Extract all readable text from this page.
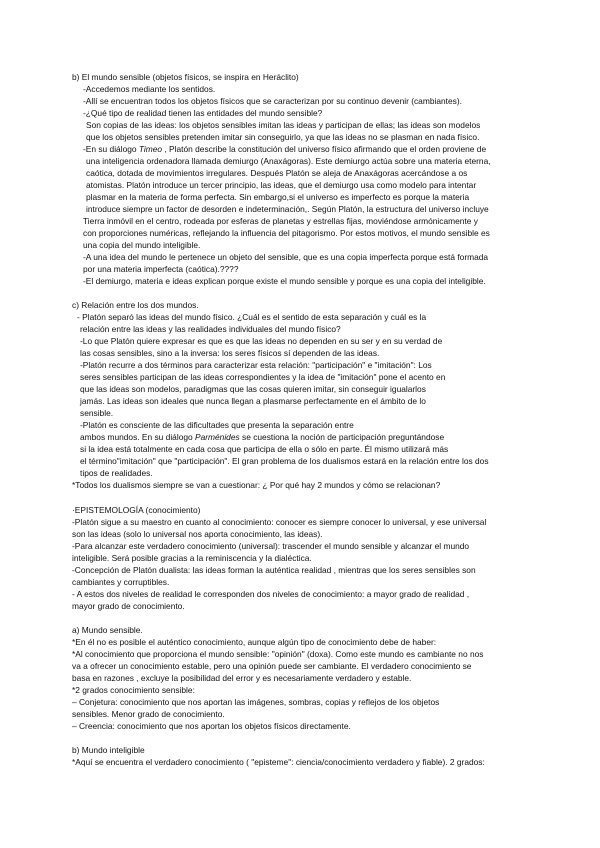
b) El mundo sensible (objetos físicos, se inspira en Heráclito)
-Accedemos mediante los sentidos.
-Allí se encuentran todos los objetos físicos que se caracterizan por su continuo devenir (cambiantes).
-¿Qué tipo de realidad tienen las entidades del mundo sensible?
Son copias de las ideas: los objetos sensibles imitan las ideas y participan de ellas; las ideas son modelos
que los objetos sensibles pretenden imitar sin conseguirlo, ya que las ideas no se plasman en nada físico.
-En su diálogo Timeo , Platón describe la constitución del universo físico afirmando que el orden proviene de
una inteligencia ordenadora llamada demiurgo (Anaxágoras). Este demiurgo actúa sobre una materia eterna,
caótica, dotada de movimientos irregulares. Después Platón se aleja de Anaxágoras acercándose a os
atomistas. Platón introduce un tercer principio, las ideas, que el demiurgo usa como modelo para intentar
plasmar en la materia de forma perfecta. Sin embargo,si el universo es imperfecto es porque la materia
introduce siempre un factor de desorden e indeterminación,. Según Platón, la estructura del universo incluye
Tierra inmóvil en el centro, rodeada por esferas de planetas y estrellas fijas, moviéndose armónicamente y
con proporciones numéricas, reflejando la influencia del pitagorismo. Por estos motivos, el mundo sensible es
una copia del mundo inteligible.
-A una idea del mundo le pertenece un objeto del sensible, que es una copia imperfecta porque está formada
por una materia imperfecta (caótica).????
-El demiurgo, materia e ideas explican porque existe el mundo sensible y porque es una copia del inteligible.
c) Relación entre los dos mundos.
- Platón separó las ideas del mundo físico. ¿Cuál es el sentido de esta separación y cuál es la
relación entre las ideas y las realidades individuales del mundo físico?
-Lo que Platón quiere expresar es que es que las ideas no dependen en su ser y en su verdad de
las cosas sensibles, sino a la inversa: los seres físicos sí dependen de las ideas.
-Platón recurre a dos términos para caracterizar esta relación: "participación" e "imitación": Los
seres sensibles participan de las ideas correspondientes y la idea de "imitación" pone el acento en
que las ideas son modelos, paradigmas que las cosas quieren imitar, sin conseguir igualarlos
jamás. Las ideas son ideales que nunca llegan a plasmarse perfectamente en el ámbito de lo
sensible.
-Platón es consciente de las dificultades que presenta la separación entre
ambos mundos. En su diálogo Parménides se cuestiona la noción de participación preguntándose
si la idea está totalmente en cada cosa que participa de ella o sólo en parte. Él mismo utilizará más
el término"imitación" que "participación". El gran problema de los dualismos estará en la relación entre los dos
tipos de realidades.
*Todos los dualismos siempre se van a cuestionar: ¿ Por qué hay 2 mundos y cómo se relacionan?
·EPISTEMOLOGÍA (conocimiento)
-Platón sigue a su maestro en cuanto al conocimiento: conocer es siempre conocer lo universal, y ese universal
son las ideas (solo lo universal nos aporta conocimiento, las ideas).
-Para alcanzar este verdadero conocimiento (universal): trascender el mundo sensible y alcanzar el mundo
inteligible. Será posible gracias a la reminiscencia y la dialéctica.
-Concepción de Platón dualista: las ideas forman la auténtica realidad , mientras que los seres sensibles son
cambiantes y corruptibles.
- A estos dos niveles de realidad le corresponden dos niveles de conocimiento: a mayor grado de realidad ,
mayor grado de conocimiento.
a) Mundo sensible.
*En él no es posible el auténtico conocimiento, aunque algún tipo de conocimiento debe de haber:
*Al conocimiento que proporciona el mundo sensible: "opinión" (doxa). Como este mundo es cambiante no nos
va a ofrecer un conocimiento estable, pero una opinión puede ser cambiante. El verdadero conocimiento se
basa en razones , excluye la posibilidad del error y es necesariamente verdadero y estable.
*2 grados conocimiento sensible:
– Conjetura: conocimiento que nos aportan las imágenes, sombras, copias y reflejos de los objetos
sensibles. Menor grado de conocimiento.
– Creencia: conocimiento que nos aportan los objetos físicos directamente.
b) Mundo inteligible
*Aquí se encuentra el verdadero conocimiento ( "episteme": ciencia/conocimiento verdadero y fiable). 2 grados:
